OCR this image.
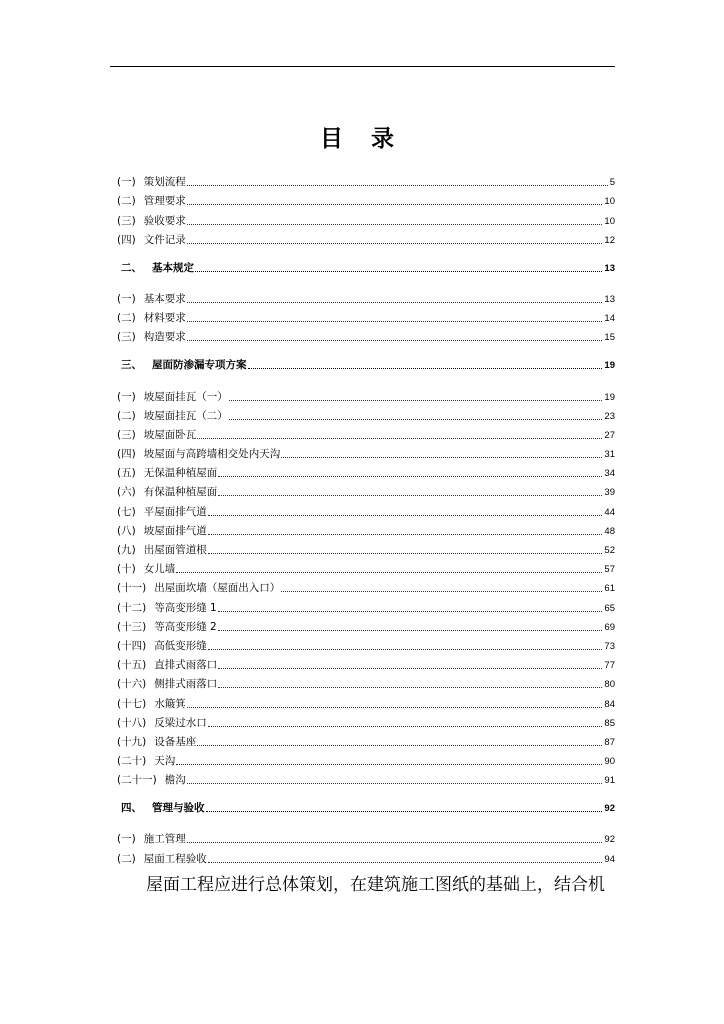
目 录
(一) 策划流程	5
(二) 管理要求	10
(三) 验收要求	10
(四) 文件记录	12
二、 基本规定	13
(一) 基本要求	13
(二) 材料要求	14
(三) 构造要求	15
三、 屋面防渗漏专项方案	19
(一) 坡屋面挂瓦（一）	19
(二) 坡屋面挂瓦（二）	23
(三) 坡屋面卧瓦	27
(四) 坡屋面与高跨墙相交处内天沟	31
(五) 无保温种植屋面	34
(六) 有保温种植屋面	39
(七) 平屋面排气道	44
(八) 坡屋面排气道	48
(九) 出屋面管道根	52
(十) 女儿墙	57
(十一) 出屋面坎墙（屋面出入口）	61
(十二) 等高变形缝 1	65
(十三) 等高变形缝 2	69
(十四) 高低变形缝	73
(十五) 直排式雨落口	77
(十六) 侧排式雨落口	80
(十七) 水簸箕	84
(十八) 反梁过水口	85
(十九) 设备基座	87
(二十) 天沟	90
(二十一) 檐沟	91
四、 管理与验收	92
(一) 施工管理	92
(二) 屋面工程验收	94
屋面工程应进行总体策划，在建筑施工图纸的基础上，结合机
